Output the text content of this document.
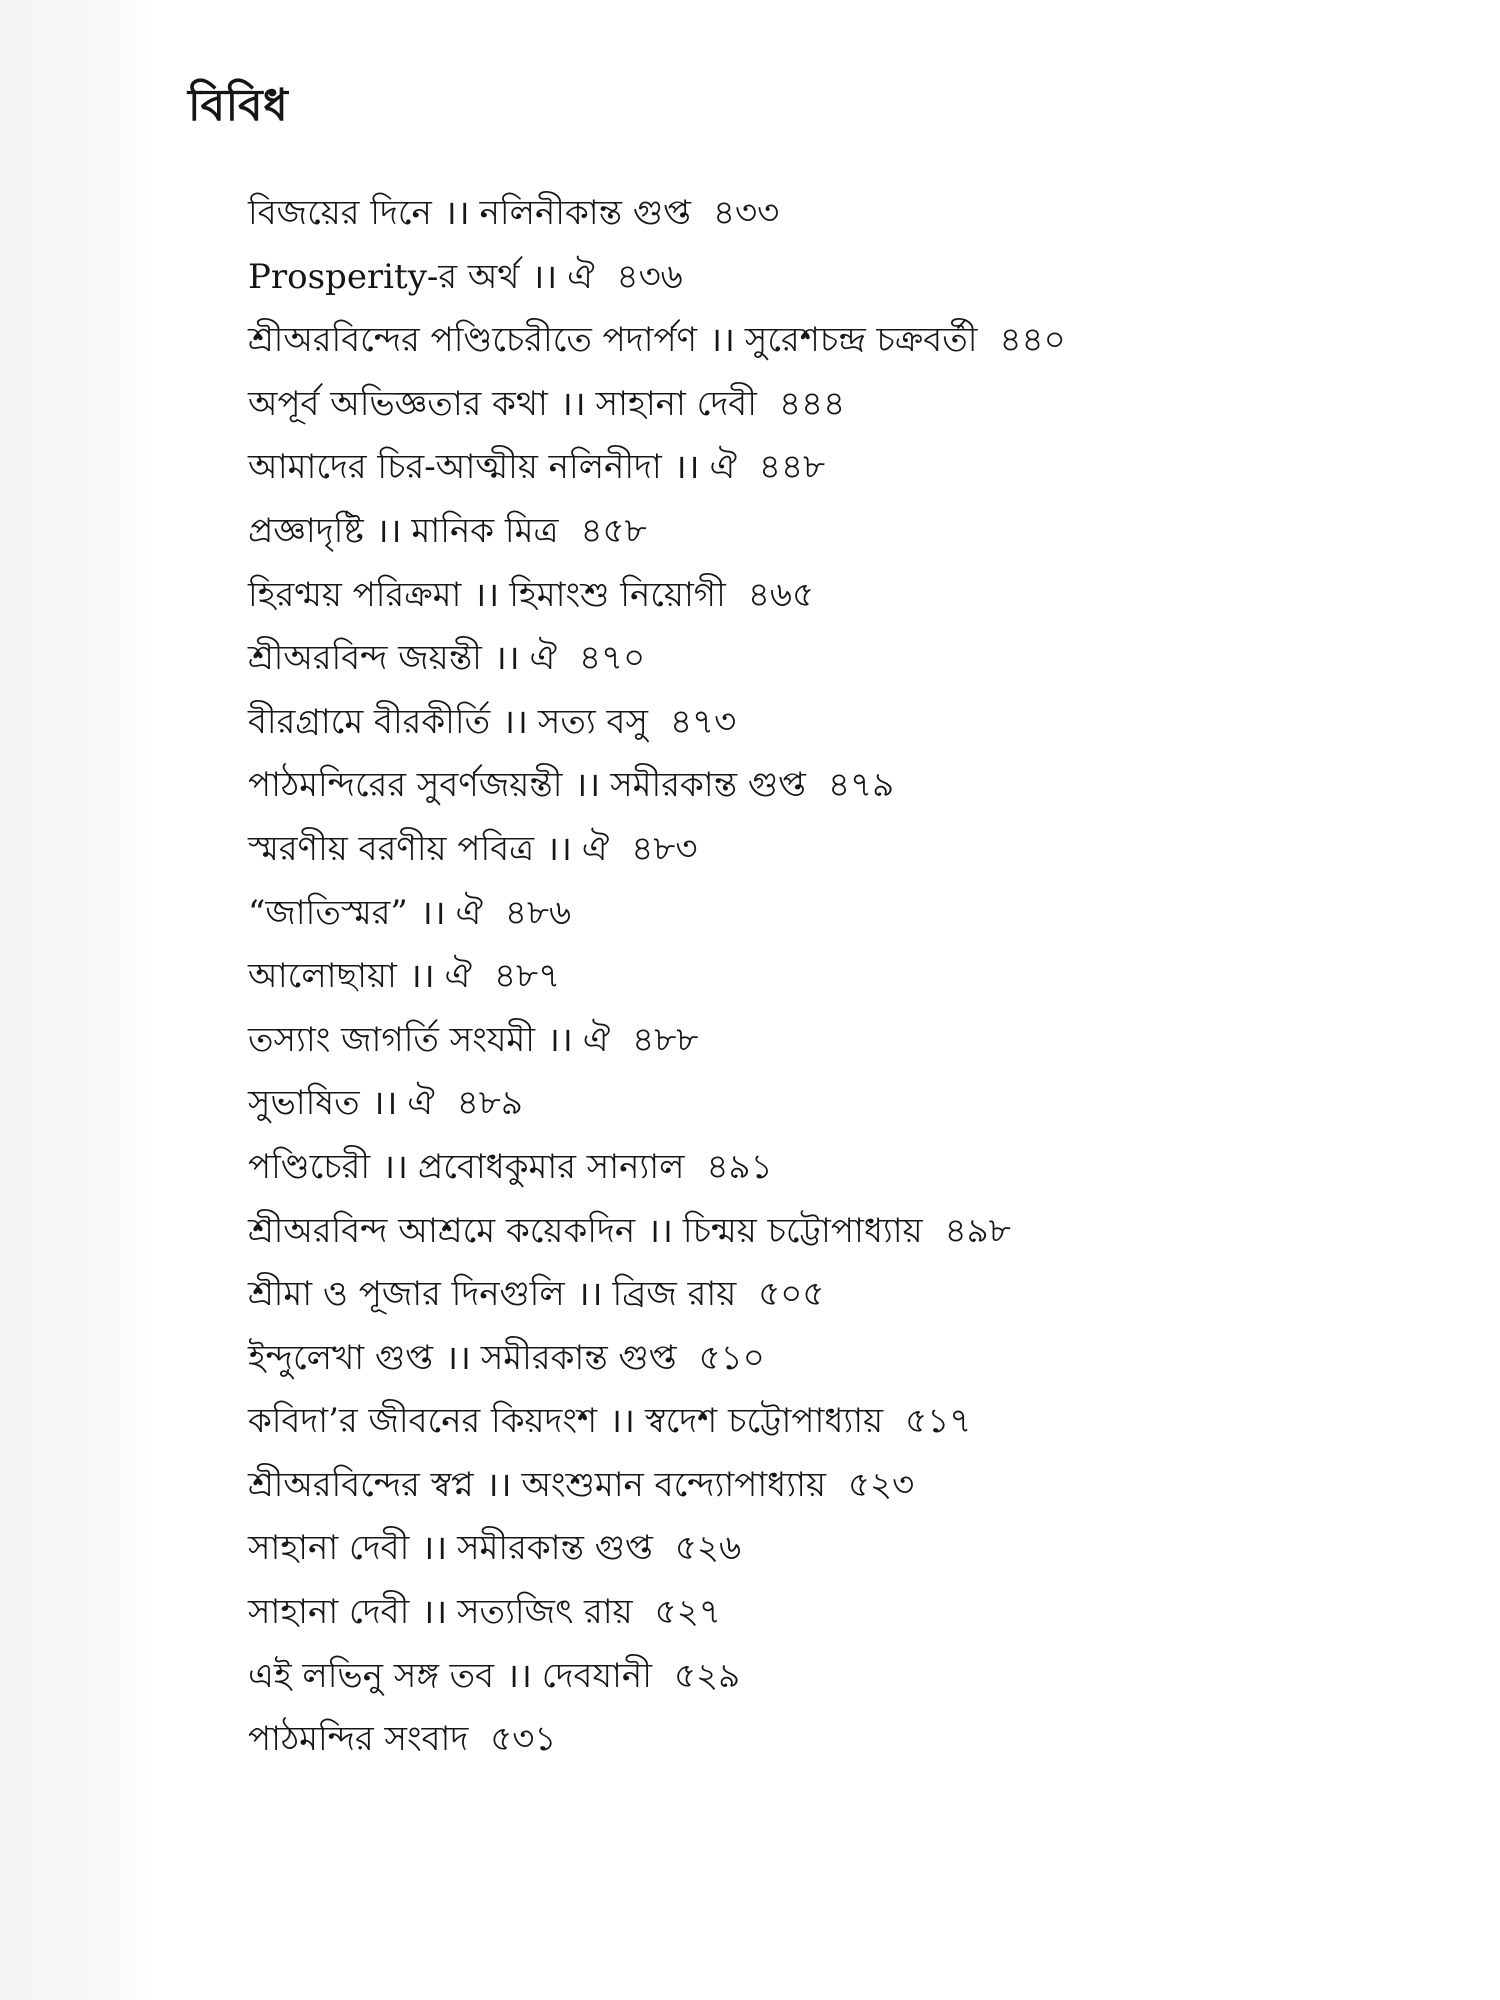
বিবিধ
বিজয়ের দিনে ।। নলিনীকান্ত গুপ্ত ৪৩৩
Prosperity-র অর্থ ।। ঐ ৪৩৬
শ্রীঅরবিন্দের পণ্ডিচেরীতে পদার্পণ ।। সুরেশচন্দ্র চক্রবর্তী ৪৪০
অপূর্ব অভিজ্ঞতার কথা ।। সাহানা দেবী ৪৪৪
আমাদের চির-আত্মীয় নলিনীদা ।। ঐ ৪৪৮
প্রজ্ঞাদৃষ্টি ।। মানিক মিত্র ৪৫৮
হিরণ্ময় পরিক্রমা ।। হিমাংশু নিয়োগী ৪৬৫
শ্রীঅরবিন্দ জয়ন্তী ।। ঐ ৪৭০
বীরগ্রামে বীরকীর্তি ।। সত্য বসু ৪৭৩
পাঠমন্দিরের সুবর্ণজয়ন্তী ।। সমীরকান্ত গুপ্ত ৪৭৯
স্মরণীয় বরণীয় পবিত্র ।। ঐ ৪৮৩
“জাতিস্মর” ।। ঐ ৪৮৬
আলোছায়া ।। ঐ ৪৮৭
তস্যাং জাগর্তি সংযমী ।। ঐ ৪৮৮
সুভাষিত ।। ঐ ৪৮৯
পণ্ডিচেরী ।। প্রবোধকুমার সান্যাল ৪৯১
শ্রীঅরবিন্দ আশ্রমে কয়েকদিন ।। চিন্ময় চট্টোপাধ্যায় ৪৯৮
শ্রীমা ও পূজার দিনগুলি ।। ব্রিজ রায় ৫০৫
ইন্দুলেখা গুপ্ত ।। সমীরকান্ত গুপ্ত ৫১০
কবিদা’র জীবনের কিয়দংশ ।। স্বদেশ চট্টোপাধ্যায় ৫১৭
শ্রীঅরবিন্দের স্বপ্ন ।। অংশুমান বন্দ্যোপাধ্যায় ৫২৩
সাহানা দেবী ।। সমীরকান্ত গুপ্ত ৫২৬
সাহানা দেবী ।। সত্যজিৎ রায় ৫২৭
এই লভিনু সঙ্গ তব ।। দেবযানী ৫২৯
পাঠমন্দির সংবাদ ৫৩১
